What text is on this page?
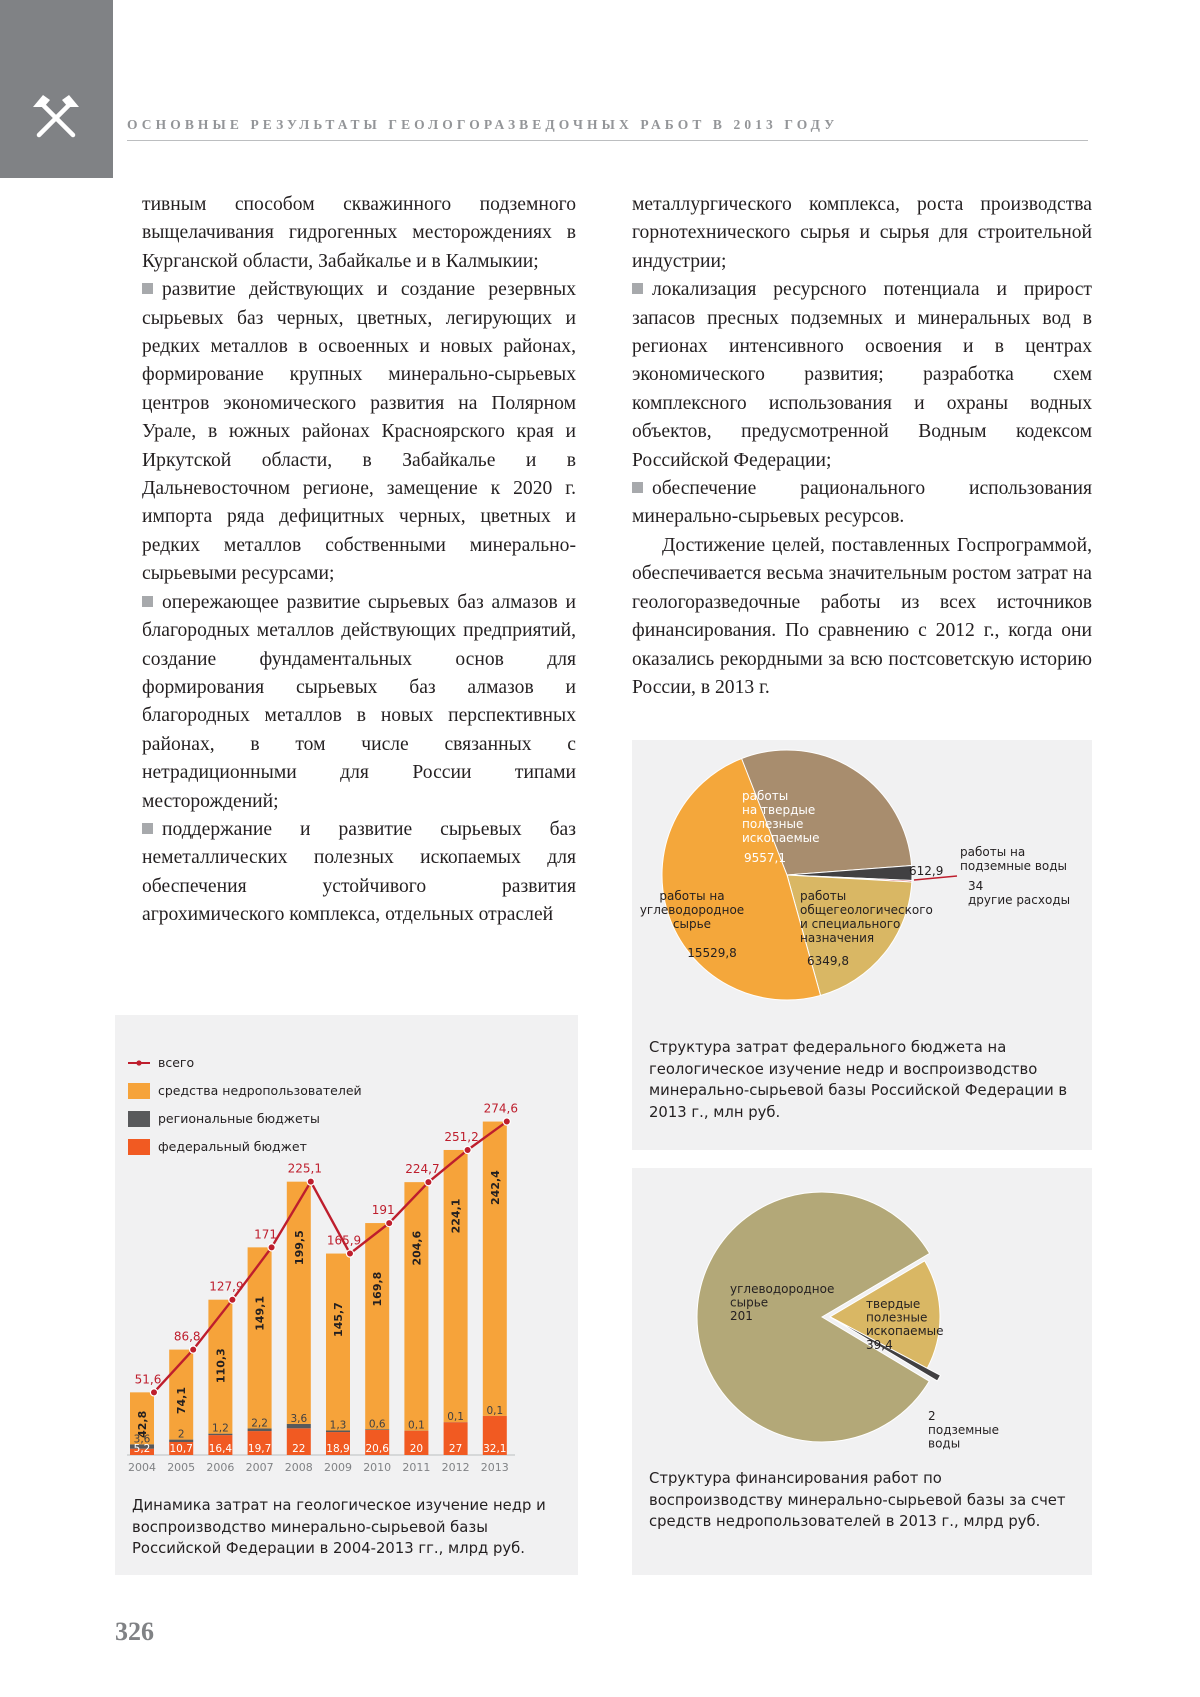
ОСНОВНЫЕ РЕЗУЛЬТАТЫ ГЕОЛОГОРАЗВЕДОЧНЫХ РАБОТ В 2013 ГОДУ

тивным способом скважинного подземного выщелачивания гидрогенных месторождениях в Курганской области, Забайкалье и в Калмыкии;

развитие действующих и создание резервных сырьевых баз черных, цветных, легирующих и редких металлов в освоенных и новых районах, формирование крупных минерально-сырьевых центров экономического развития на Полярном Урале, в южных районах Красноярского края и Иркутской области, в Забайкалье и в Дальневосточном регионе, замещение к 2020 г. импорта ряда дефицитных черных, цветных и редких металлов собственными минерально-сырьевыми ресурсами;

опережающее развитие сырьевых баз алмазов и благородных металлов действующих предприятий, создание фундаментальных основ для формирования сырьевых баз алмазов и благородных металлов в новых перспективных районах, в том числе связанных с нетрадиционными для России типами месторождений;

поддержание и развитие сырьевых баз неметаллических полезных ископаемых для обеспечения устойчивого развития агрохимического комплекса, отдельных отраслей

металлургического комплекса, роста производства горнотехнического сырья и сырья для строительной индустрии;

локализация ресурсного потенциала и прирост запасов пресных подземных и минеральных вод в регионах интенсивного освоения и в центрах экономического развития; разработка схем комплексного использования и охраны водных объектов, предусмотренной Водным кодексом Российской Федерации;

обеспечение рационального использования минерально-сырьевых ресурсов.

Достижение целей, поставленных Госпрограммой, обеспечивается весьма значительным ростом затрат на геологоразведочные работы из всех источников финансирования. По сравнению с 2012 г., когда они оказались рекордными за всю постсоветскую историю России, в 2013 г.

всего
средства недропользователей
региональные бюджеты
федеральный бюджет
5,2
3,6
42,8
2004
10,7
2
74,1
2005
16,4
1,2
110,3
2006
19,7
2,2
149,1
2007
22
3,6
199,5
2008
18,9
1,3
145,7
2009
20,6
0,6
169,8
2010
20
0,1
204,6
2011
27
0,1
224,1
2012
32,1
0,1
242,4
2013
51,6
86,8
127,9
171
225,1
165,9
191
224,7
251,2
274,6
Динамика затрат на геологическое изучение недр и воспроизводство минерально-сырьевой базы Российской Федерации в 2004-2013 гг., млрд руб.
работы
на твердые
полезные
ископаемые
9557,1
работы на
углеводородное
сырье
15529,8
работы
общегеологического
и специального
назначения
6349,8
612,9
работы на
подземные воды
34
другие расходы
Структура затрат федерального бюджета на геологическое изучение недр и воспроизводство минерально-сырьевой базы Российской Федерации в 2013 г., млн руб.
углеводородное
сырье
201
твердые
полезные
ископаемые
39,4
2
подземные
воды
Структура финансирования работ по воспроизводству минерально-сырьевой базы за счет средств недропользователей в 2013 г., млрд руб.
326
